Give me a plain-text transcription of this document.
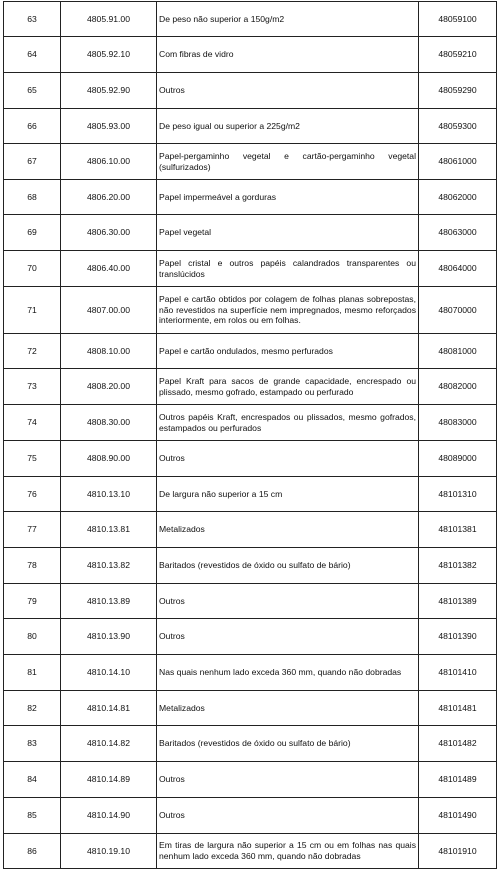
63	4805.91.00	De peso não superior a 150g/m2	48059100
64	4805.92.10	Com fibras de vidro	48059210
65	4805.92.90	Outros	48059290
66	4805.93.00	De peso igual ou superior a 225g/m2	48059300
67	4806.10.00	Papel-pergaminho vegetal e cartão-pergaminho vegetal (sulfurizados)	48061000
68	4806.20.00	Papel impermeável a gorduras	48062000
69	4806.30.00	Papel vegetal	48063000
70	4806.40.00	Papel cristal e outros papéis calandrados transparentes ou translúcidos	48064000
71	4807.00.00	Papel e cartão obtidos por colagem de folhas planas sobrepostas, não revestidos na superfície nem impregnados, mesmo reforçados interiormente, em rolos ou em folhas.	48070000
72	4808.10.00	Papel e cartão ondulados, mesmo perfurados	48081000
73	4808.20.00	Papel Kraft para sacos de grande capacidade, encrespado ou plissado, mesmo gofrado, estampado ou perfurado	48082000
74	4808.30.00	Outros papéis Kraft, encrespados ou plissados, mesmo gofrados, estampados ou perfurados	48083000
75	4808.90.00	Outros	48089000
76	4810.13.10	De largura não superior a 15 cm	48101310
77	4810.13.81	Metalizados	48101381
78	4810.13.82	Baritados (revestidos de óxido ou sulfato de bário)	48101382
79	4810.13.89	Outros	48101389
80	4810.13.90	Outros	48101390
81	4810.14.10	Nas quais nenhum lado exceda 360 mm, quando não dobradas	48101410
82	4810.14.81	Metalizados	48101481
83	4810.14.82	Baritados (revestidos de óxido ou sulfato de bário)	48101482
84	4810.14.89	Outros	48101489
85	4810.14.90	Outros	48101490
86	4810.19.10	Em tiras de largura não superior a 15 cm ou em folhas nas quais nenhum lado exceda 360 mm, quando não dobradas	48101910
